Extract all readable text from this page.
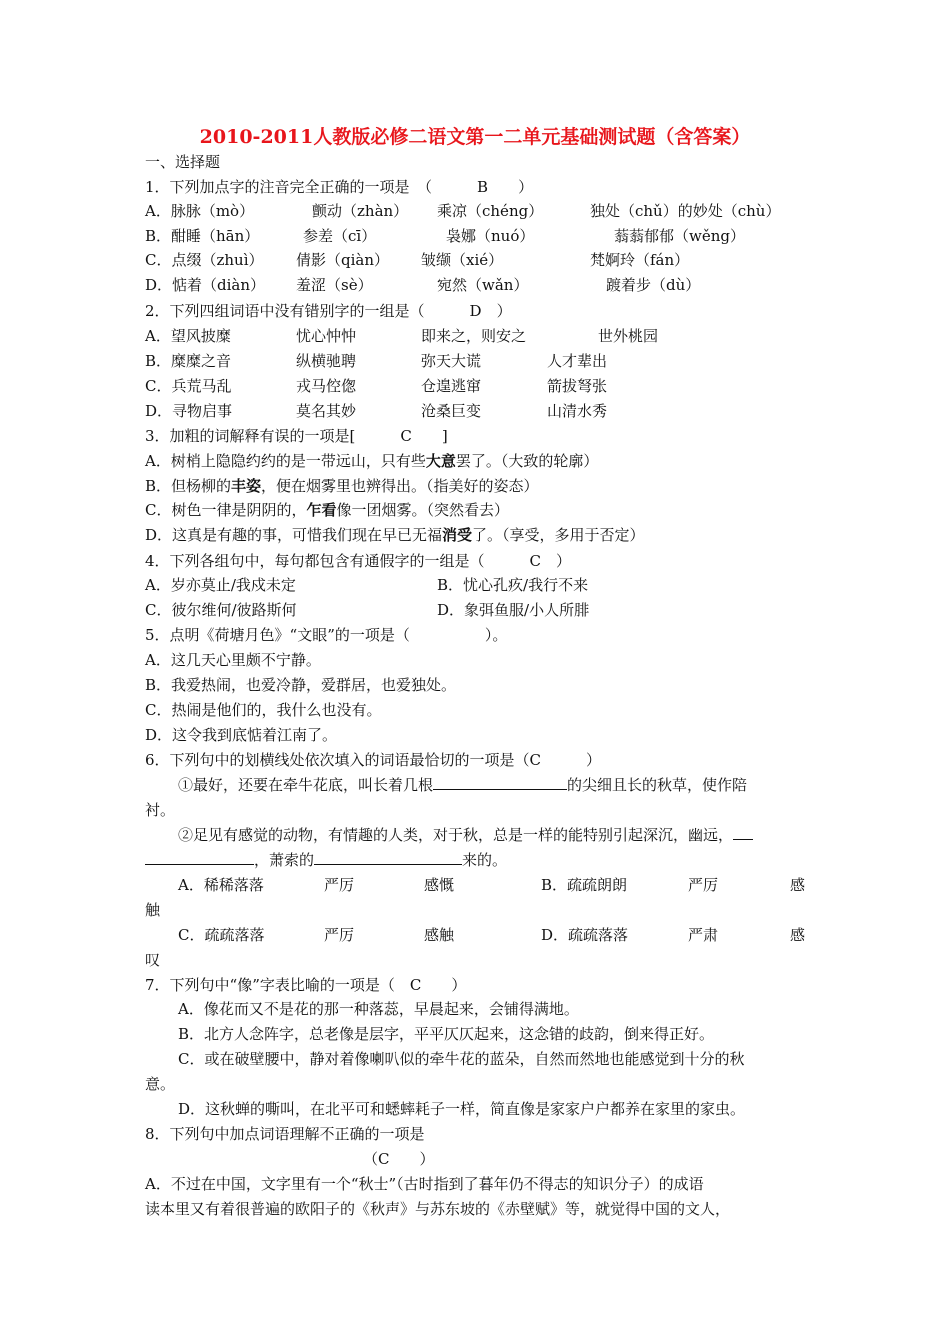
2010-2011人教版必修二语文第一二单元基础测试题（含答案）
一、选择题
1．下列加点字的注音完全正确的一项是　（　　　B　　）
A．脉脉（mò）	颤动（zhàn） 乘凉（chéng）	独处（chǔ）的妙处（chù）
B．酣睡（hān）	参差（cī）	袅娜（nuó）	蓊蓊郁郁（wěng）
C．点缀（zhuì） 倩影（qiàn） 皱缬（xié）	梵婀玲（fán）
D．惦着（diàn） 羞涩（sè）	宛然（wǎn）	踱着步（dù）
2．下列四组词语中没有错别字的一组是（　　　D　）
A．望风披糜	忧心忡忡	即来之，则安之	世外桃园
B．糜糜之音	纵横驰聘	弥天大谎	人才辈出
C．兵荒马乱	戎马倥偬	仓遑逃窜	箭拔弩张
D．寻物启事	莫名其妙	沧桑巨变	山清水秀
3．加粗的词解释有误的一项是[　　　C　　]
A．树梢上隐隐约约的是一带远山，只有些大意罢了。（大致的轮廓）
B．但杨柳的丰姿，便在烟雾里也辨得出。（指美好的姿态）
C．树色一律是阴阴的，乍看像一团烟雾。（突然看去）
D．这真是有趣的事，可惜我们现在早已无福消受了。（享受，多用于否定）
4．下列各组句中，每句都包含有通假字的一组是（　　　C　）
A．岁亦莫止/我戍未定	B．忧心孔疚/我行不来
C．彼尔维何/彼路斯何	D．象弭鱼服/小人所腓
5．点明《荷塘月色》“文眼”的一项是（　　　　　）。
A．这几天心里颇不宁静。
B．我爱热闹，也爱冷静，爱群居，也爱独处。
C．热闹是他们的，我什么也没有。
D．这令我到底惦着江南了。
6．下列句中的划横线处依次填入的词语最恰切的一项是（C　　　）
①最好，还要在牵牛花底，叫长着几根	的尖细且长的秋草，使作陪
衬。
②足见有感觉的动物，有情趣的人类，对于秋，总是一样的能特别引起深沉，幽远，
，萧索的	来的。
A．稀稀落落	严厉	感慨	B．疏疏朗朗	严厉	感
触
C．疏疏落落	严厉	感触	D．疏疏落落	严肃	感
叹
7．下列句中“像”字表比喻的一项是（　C　　）
A．像花而又不是花的那一种落蕊，早晨起来，会铺得满地。
B．北方人念阵字，总老像是层字，平平仄仄起来，这念错的歧韵，倒来得正好。
C．或在破壁腰中，静对着像喇叭似的牵牛花的蓝朵，自然而然地也能感觉到十分的秋
意。
D．这秋蝉的嘶叫，在北平可和蟋蟀耗子一样，简直像是家家户户都养在家里的家虫。
8．下列句中加点词语理解不正确的一项是
（C　　）
A．不过在中国，文字里有一个“秋士”（古时指到了暮年仍不得志的知识分子）的成语
读本里又有着很普遍的欧阳子的《秋声》与苏东坡的《赤壁赋》等，就觉得中国的文人，
